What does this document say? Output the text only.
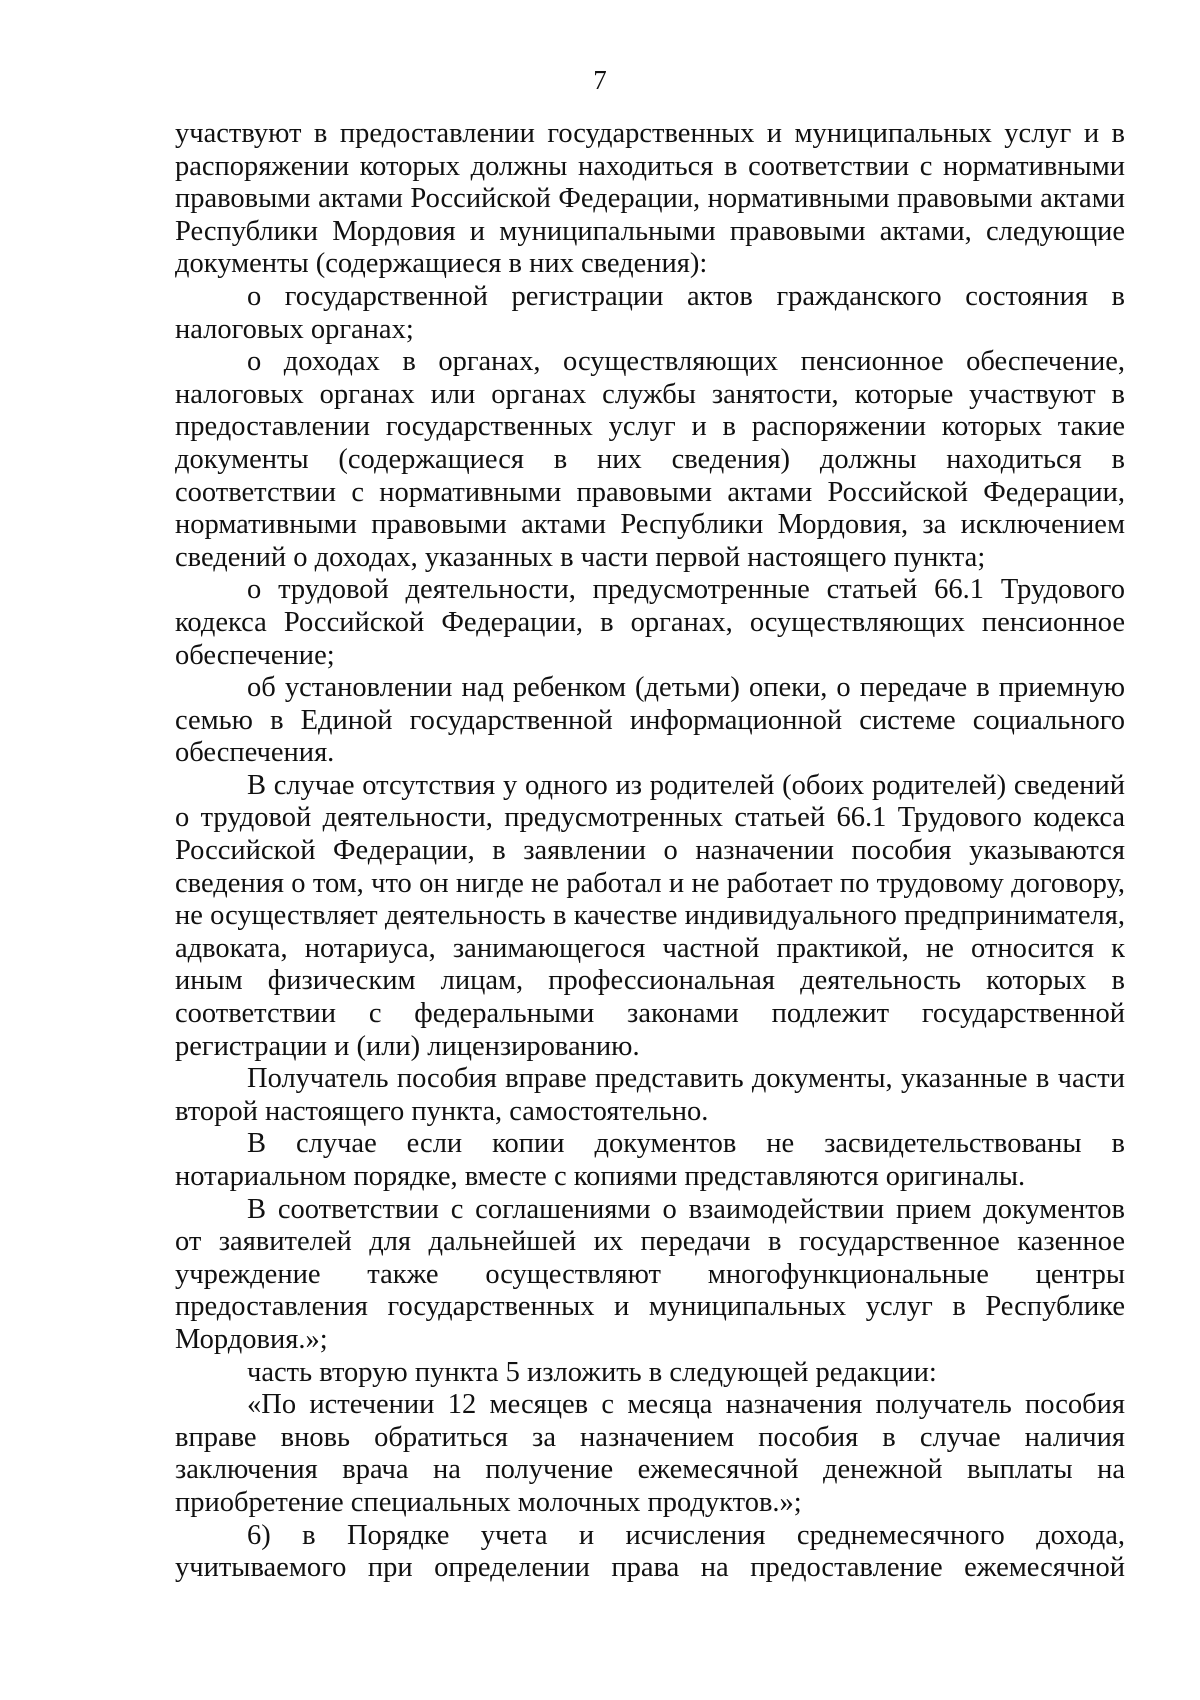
7

участвуют в предоставлении государственных и муниципальных услуг и в распоряжении которых должны находиться в соответствии с нормативными правовыми актами Российской Федерации, нормативными правовыми актами Республики Мордовия и муниципальными правовыми актами, следующие документы (содержащиеся в них сведения):

о государственной регистрации актов гражданского состояния в налоговых органах;

о доходах в органах, осуществляющих пенсионное обеспечение, налоговых органах или органах службы занятости, которые участвуют в предоставлении государственных услуг и в распоряжении которых такие документы (содержащиеся в них сведения) должны находиться в соответствии с нормативными правовыми актами Российской Федерации, нормативными правовыми актами Республики Мордовия, за исключением сведений о доходах, указанных в части первой настоящего пункта;

о трудовой деятельности, предусмотренные статьей 66.1 Трудового кодекса Российской Федерации, в органах, осуществляющих пенсионное обеспечение;

об установлении над ребенком (детьми) опеки, о передаче в приемную семью в Единой государственной информационной системе социального обеспечения.

В случае отсутствия у одного из родителей (обоих родителей) сведений о трудовой деятельности, предусмотренных статьей 66.1 Трудового кодекса Российской Федерации, в заявлении о назначении пособия указываются сведения о том, что он нигде не работал и не работает по трудовому договору, не осуществляет деятельность в качестве индивидуального предпринимателя, адвоката, нотариуса, занимающегося частной практикой, не относится к иным физическим лицам, профессиональная деятельность которых в соответствии с федеральными законами подлежит государственной регистрации и (или) лицензированию.

Получатель пособия вправе представить документы, указанные в части второй настоящего пункта, самостоятельно.

В случае если копии документов не засвидетельствованы в нотариальном порядке, вместе с копиями представляются оригиналы.

В соответствии с соглашениями о взаимодействии прием документов от заявителей для дальнейшей их передачи в государственное казенное учреждение также осуществляют многофункциональные центры предоставления государственных и муниципальных услуг в Республике Мордовия.»;

часть вторую пункта 5 изложить в следующей редакции:

«По истечении 12 месяцев с месяца назначения получатель пособия вправе вновь обратиться за назначением пособия в случае наличия заключения врача на получение ежемесячной денежной выплаты на приобретение специальных молочных продуктов.»;

6) в Порядке учета и исчисления среднемесячного дохода, учитываемого при определении права на предоставление ежемесячной
